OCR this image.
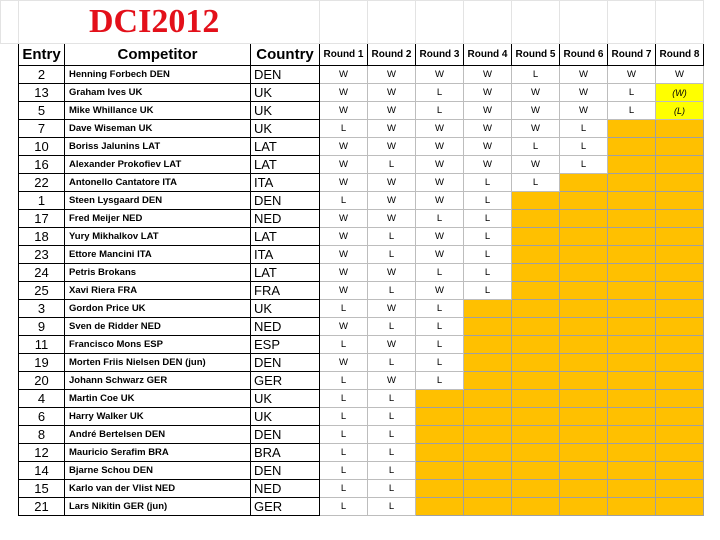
	DCI2012										
	Entry	Competitor	Country	Round 1	Round 2	Round 3	Round 4	Round 5	Round 6	Round 7	Round 8
	2	Henning Forbech DEN	DEN	W	W	W	W	L	W	W	W
	13	Graham Ives UK	UK	W	W	L	W	W	W	L	(W)
	5	Mike Whillance UK	UK	W	W	L	W	W	W	L	(L)
	7	Dave Wiseman UK	UK	L	W	W	W	W	L		
	10	Boriss Jalunins LAT	LAT	W	W	W	W	L	L		
	16	Alexander Prokofiev LAT	LAT	W	L	W	W	W	L		
	22	Antonello Cantatore ITA	ITA	W	W	W	L	L			
	1	Steen Lysgaard DEN	DEN	L	W	W	L				
	17	Fred Meijer NED	NED	W	W	L	L				
	18	Yury Mikhalkov LAT	LAT	W	L	W	L				
	23	Ettore Mancini ITA	ITA	W	L	W	L				
	24	Petris Brokans	LAT	W	W	L	L				
	25	Xavi Riera FRA	FRA	W	L	W	L				
	3	Gordon Price UK	UK	L	W	L					
	9	Sven de Ridder NED	NED	W	L	L					
	11	Francisco Mons ESP	ESP	L	W	L					
	19	Morten Friis Nielsen DEN (jun)	DEN	W	L	L					
	20	Johann Schwarz GER	GER	L	W	L					
	4	Martin Coe UK	UK	L	L						
	6	Harry Walker UK	UK	L	L						
	8	André Bertelsen DEN	DEN	L	L						
	12	Mauricio Serafim BRA	BRA	L	L						
	14	Bjarne Schou DEN	DEN	L	L						
	15	Karlo van der Vlist NED	NED	L	L						
	21	Lars Nikitin GER (jun)	GER	L	L						
